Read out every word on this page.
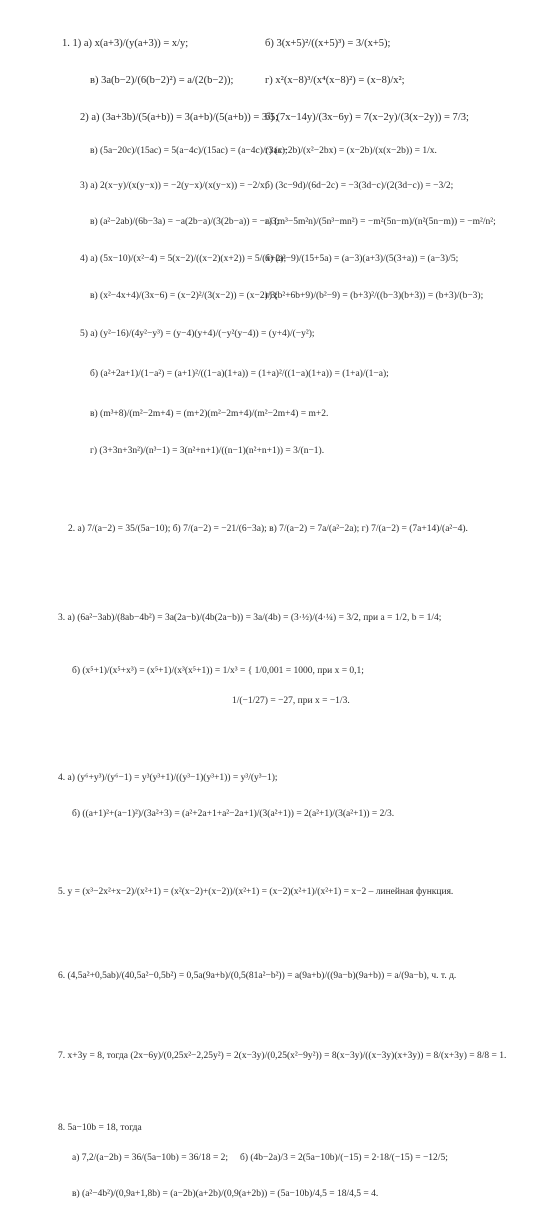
1. 1) а) x(a+3)/(y(a+3)) = x/y;	б) 3(x+5)²/((x+5)³) = 3/(x+5);
в) 3a(b−2)/(6(b−2)²) = a/(2(b−2));	г) x²(x−8)³/(x⁴(x−8)²) = (x−8)/x²;
2) а) (3a+3b)/(5(a+b)) = 3(a+b)/(5(a+b)) = 3/5;
б) (7x−14y)/(3x−6y) = 7(x−2y)/(3(x−2y)) = 7/3;
в) (5a−20c)/(15ac) = 5(a−4c)/(15ac) = (a−4c)/(3ac);
г) (x−2b)/(x²−2bx) = (x−2b)/(x(x−2b)) = 1/x.
3) а) 2(x−y)/(x(y−x)) = −2(y−x)/(x(y−x)) = −2/x;
б) (3c−9d)/(6d−2c) = −3(3d−c)/(2(3d−c)) = −3/2;
в) (a²−2ab)/(6b−3a) = −a(2b−a)/(3(2b−a)) = −a/3;
г) (m³−5m²n)/(5n³−mn²) = −m²(5n−m)/(n²(5n−m)) = −m²/n²;
4) а) (5x−10)/(x²−4) = 5(x−2)/((x−2)(x+2)) = 5/(x+2);
б) (a²−9)/(15+5a) = (a−3)(a+3)/(5(3+a)) = (a−3)/5;
в) (x²−4x+4)/(3x−6) = (x−2)²/(3(x−2)) = (x−2)/3;
г) (b²+6b+9)/(b²−9) = (b+3)²/((b−3)(b+3)) = (b+3)/(b−3);
5) а) (y²−16)/(4y²−y³) = (y−4)(y+4)/(−y²(y−4)) = (y+4)/(−y²);
б) (a²+2a+1)/(1−a²) = (a+1)²/((1−a)(1+a)) = (1+a)²/((1−a)(1+a)) = (1+a)/(1−a);
в) (m³+8)/(m²−2m+4) = (m+2)(m²−2m+4)/(m²−2m+4) = m+2.
г) (3+3n+3n²)/(n³−1) = 3(n²+n+1)/((n−1)(n²+n+1)) = 3/(n−1).
2. а) 7/(a−2) = 35/(5a−10); б) 7/(a−2) = −21/(6−3a); в) 7/(a−2) = 7a/(a²−2a); г) 7/(a−2) = (7a+14)/(a²−4).
3. а) (6a²−3ab)/(8ab−4b²) = 3a(2a−b)/(4b(2a−b)) = 3a/(4b) = (3·½)/(4·¼) = 3/2, при a = 1/2, b = 1/4;
б) (x⁵+1)/(x⁵+x³) = (x⁵+1)/(x³(x⁵+1)) = 1/x³ = { 1/0,001 = 1000, при x = 0,1;
1/(−1/27) = −27, при x = −1/3.
4. а) (y⁶+y³)/(y⁶−1) = y³(y³+1)/((y³−1)(y³+1)) = y³/(y³−1);
б) ((a+1)²+(a−1)²)/(3a²+3) = (a²+2a+1+a²−2a+1)/(3(a²+1)) = 2(a²+1)/(3(a²+1)) = 2/3.
5. y = (x³−2x²+x−2)/(x²+1) = (x²(x−2)+(x−2))/(x²+1) = (x−2)(x²+1)/(x²+1) = x−2 – линейная функция.
6. (4,5a²+0,5ab)/(40,5a²−0,5b²) = 0,5a(9a+b)/(0,5(81a²−b²)) = a(9a+b)/((9a−b)(9a+b)) = a/(9a−b), ч. т. д.
7. x+3y = 8, тогда (2x−6y)/(0,25x²−2,25y²) = 2(x−3y)/(0,25(x²−9y²)) = 8(x−3y)/((x−3y)(x+3y)) = 8/(x+3y) = 8/8 = 1.
8. 5a−10b = 18, тогда
а) 7,2/(a−2b) = 36/(5a−10b) = 36/18 = 2; б) (4b−2a)/3 = 2(5a−10b)/(−15) = 2·18/(−15) = −12/5;
в) (a²−4b²)/(0,9a+1,8b) = (a−2b)(a+2b)/(0,9(a+2b)) = (5a−10b)/4,5 = 18/4,5 = 4.
